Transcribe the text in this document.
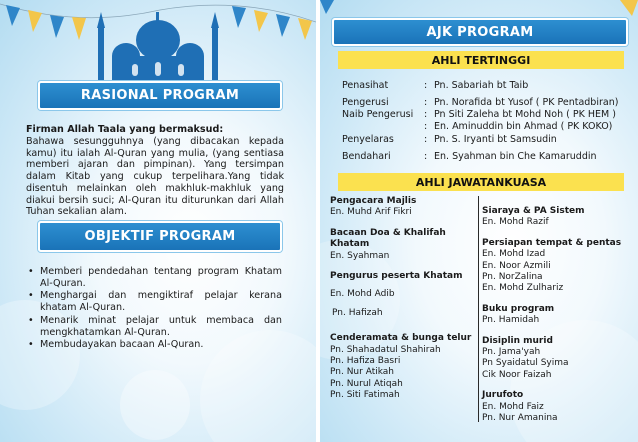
RASIONAL PROGRAM
Firman Allah Taala yang bermaksud:

Bahawa sesungguhnya (yang dibacakan kepada kamu) itu ialah Al-Quran yang mulia, (yang sentiasa memberi ajaran dan pimpinan). Yang tersimpan dalam Kitab yang cukup terpelihara.Yang tidak disentuh melainkan oleh makhluk-makhluk yang diakui bersih suci; Al-Quran itu diturunkan dari Allah Tuhan sekalian alam.

OBJEKTIF PROGRAM
• Memberi pendedahan tentang program Khatam Al-Quran.
• Menghargai dan mengiktiraf pelajar kerana khatam Al-Quran.
• Menarik minat pelajar untuk membaca dan mengkhatamkan Al-Quran.
• Membudayakan bacaan Al-Quran.
AJK PROGRAM
AHLI TERTINGGI
Penasihat	: Pn. Sabariah bt Taib
Pengerusi	: Pn. Norafida bt Yusof ( PK Pentadbiran)
Naib Pengerusi	: Pn Siti Zaleha bt Mohd Noh ( PK HEM )
: En. Aminuddin bin Ahmad ( PK KOKO)
Penyelaras	: Pn. S. Iryanti bt Samsudin
Bendahari	: En. Syahman bin Che Kamaruddin
AHLI JAWATANKUASA
Pengacara Majlis
En. Muhd Arif Fikri
Bacaan Doa & Khalifah Khatam
En. Syahman
Pengurus peserta Khatam
En. Mohd Adib
Pn. Hafizah
Cenderamata & bunga telur
Pn. Shahadatul Shahirah
Pn. Hafiza Basri
Pn. Nur Atikah
Pn. Nurul Atiqah
Pn. Siti Fatimah
Siaraya & PA Sistem
En. Mohd Razif
Persiapan tempat & pentas
En. Mohd Izad
En. Noor Azmili
Pn. NorZalina
En. Mohd Zulhariz
Buku program
Pn. Hamidah
Disiplin murid
Pn. Jama'yah
Pn Syaidatul Syima
Cik Noor Faizah
Jurufoto
En. Mohd Faiz
Pn. Nur Amanina
